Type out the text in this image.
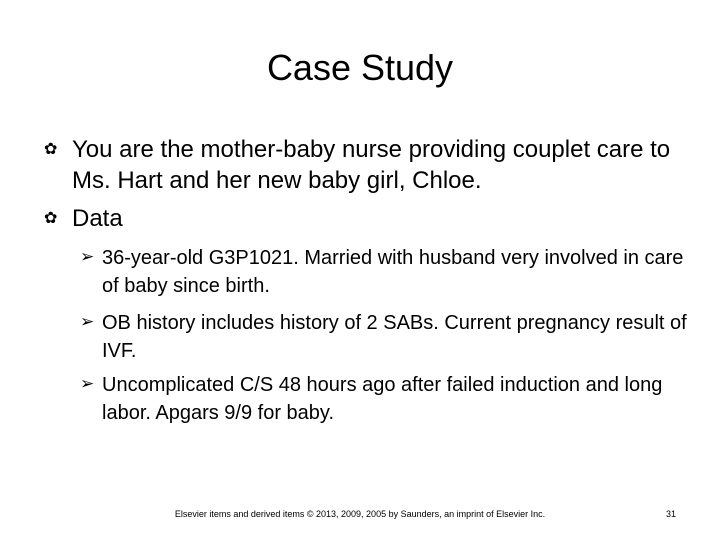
Case Study
✿ You are the mother-baby nurse providing couplet care to Ms. Hart and her new baby girl, Chloe.
✿ Data
➢ 36-year-old G3P1021. Married with husband very involved in care of baby since birth.
➢ OB history includes history of 2 SABs. Current pregnancy result of IVF.
➢ Uncomplicated C/S 48 hours ago after failed induction and long labor. Apgars 9/9 for baby.
Elsevier items and derived items © 2013, 2009, 2005 by Saunders, an imprint of Elsevier Inc.	31
